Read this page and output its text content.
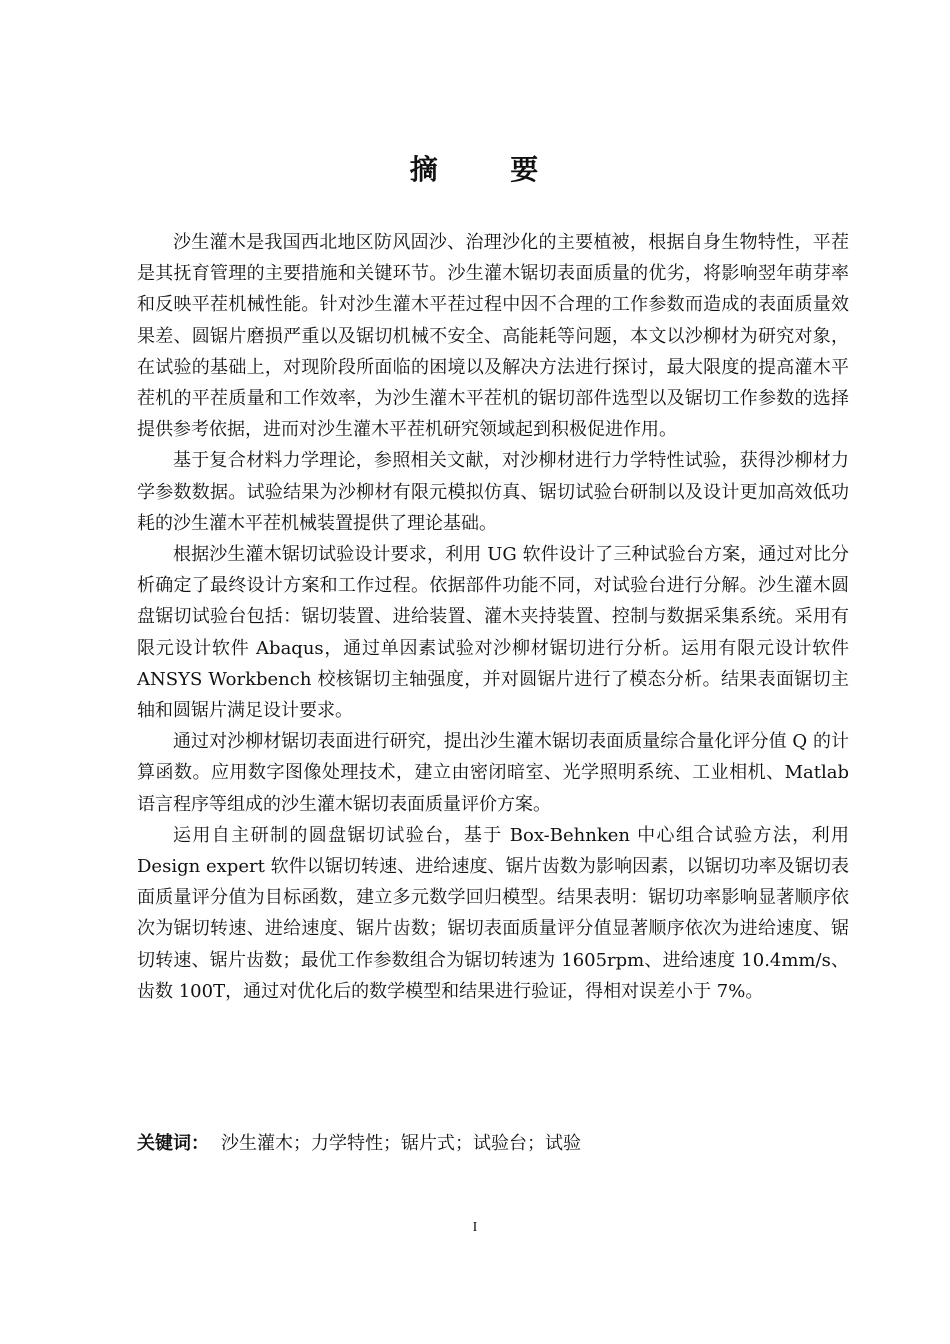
摘      要

沙生灌木是我国西北地区防风固沙、治理沙化的主要植被，根据自身生物特性，平茬是其抚育管理的主要措施和关键环节。沙生灌木锯切表面质量的优劣，将影响翌年萌芽率和反映平茬机械性能。针对沙生灌木平茬过程中因不合理的工作参数而造成的表面质量效果差、圆锯片磨损严重以及锯切机械不安全、高能耗等问题，本文以沙柳材为研究对象，在试验的基础上，对现阶段所面临的困境以及解决方法进行探讨，最大限度的提高灌木平茬机的平茬质量和工作效率，为沙生灌木平茬机的锯切部件选型以及锯切工作参数的选择提供参考依据，进而对沙生灌木平茬机研究领域起到积极促进作用。

基于复合材料力学理论，参照相关文献，对沙柳材进行力学特性试验，获得沙柳材力学参数数据。试验结果为沙柳材有限元模拟仿真、锯切试验台研制以及设计更加高效低功耗的沙生灌木平茬机械装置提供了理论基础。

根据沙生灌木锯切试验设计要求，利用 UG 软件设计了三种试验台方案，通过对比分析确定了最终设计方案和工作过程。依据部件功能不同，对试验台进行分解。沙生灌木圆盘锯切试验台包括：锯切装置、进给装置、灌木夹持装置、控制与数据采集系统。采用有限元设计软件 Abaqus，通过单因素试验对沙柳材锯切进行分析。运用有限元设计软件 ANSYS Workbench 校核锯切主轴强度，并对圆锯片进行了模态分析。结果表面锯切主轴和圆锯片满足设计要求。

通过对沙柳材锯切表面进行研究，提出沙生灌木锯切表面质量综合量化评分值 Q 的计算函数。应用数字图像处理技术，建立由密闭暗室、光学照明系统、工业相机、Matlab 语言程序等组成的沙生灌木锯切表面质量评价方案。

运用自主研制的圆盘锯切试验台，基于 Box-Behnken 中心组合试验方法，利用 Design expert 软件以锯切转速、进给速度、锯片齿数为影响因素，以锯切功率及锯切表面质量评分值为目标函数，建立多元数学回归模型。结果表明：锯切功率影响显著顺序依次为锯切转速、进给速度、锯片齿数；锯切表面质量评分值显著顺序依次为进给速度、锯切转速、锯片齿数；最优工作参数组合为锯切转速为 1605rpm、进给速度 10.4mm/s、齿数 100T，通过对优化后的数学模型和结果进行验证，得相对误差小于 7%。

关键词： 沙生灌木；力学特性；锯片式；试验台；试验
I
